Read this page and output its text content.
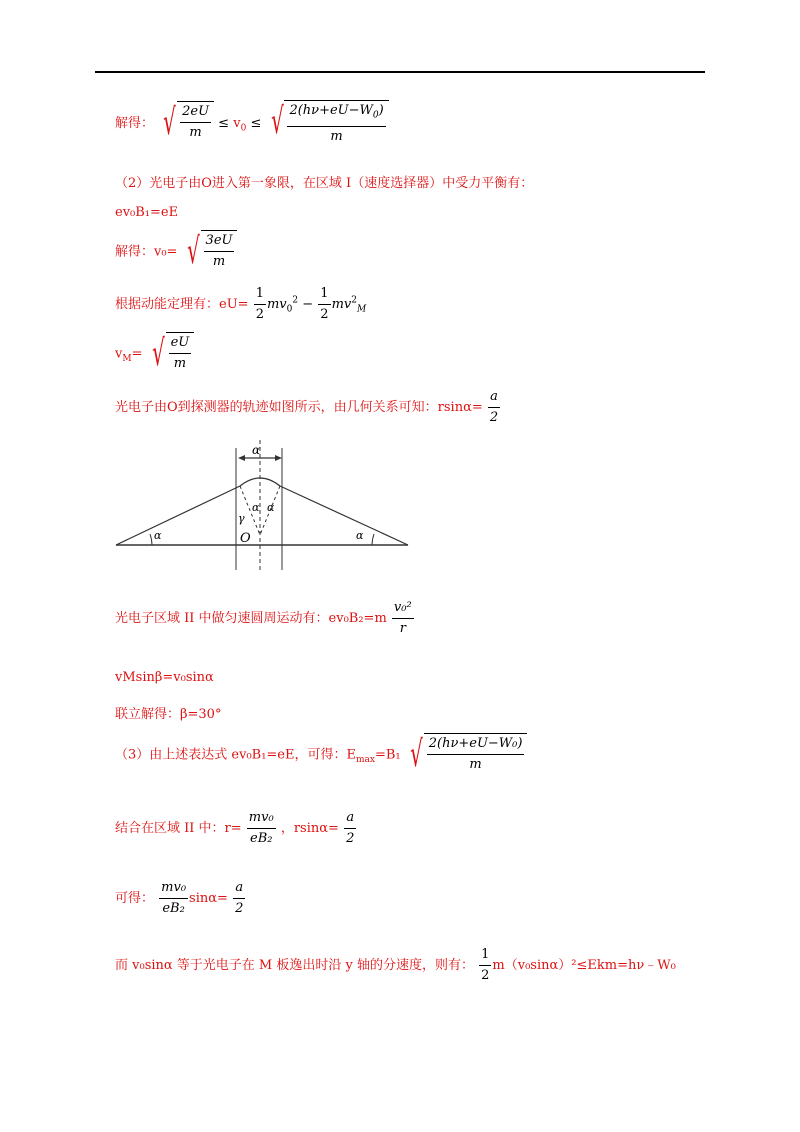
解得： √ $\frac{2eU}{m} \le v_0$ ≤ √ $\frac{2(h\nu+eU-W_0)}{m}$
（2）光电子由O进入第一象限，在区域 I（速度选择器）中受力平衡有：
ev₀B₁=eE
解得：v₀= √ $\frac{3eU}{m}$
根据动能定理有：$eU= \frac{1}{2} mv_0^2 - \frac{1}{2} mv^2_M$
$v_M=$ √ $\frac{eU}{m}$
光电子由O到探测器的轨迹如图所示，由几何关系可知：$rsin\alpha= \frac{a}{2}$
α
α	α
α α
γ
O
光电子区域 II 中做匀速圆周运动有：$ev_0B_2=m \frac{\text{v₀²}}{r}$
vMsinβ=v₀sinα
联立解得：β=30°
（3）由上述表达式 ev₀B₁=eE，可得：$E_{max}=B_1$ √ $\frac{\text{2(hν+eU−W₀)}}{m}$
结合在区域 II 中：$r= \frac{\text{mv₀}}{\text{eB₂}}$ ，$rsin\alpha= \frac{a}{2}$
可得： $\frac{\text{mv₀}}{\text{eB₂}} \sin\alpha= \frac{a}{2}$
而 v₀sinα 等于光电子在 M 板逸出时沿 y 轴的分速度，则有： $\frac{1}{2}$ m（v₀sinα）²≤Ekm=hν﹣W₀
